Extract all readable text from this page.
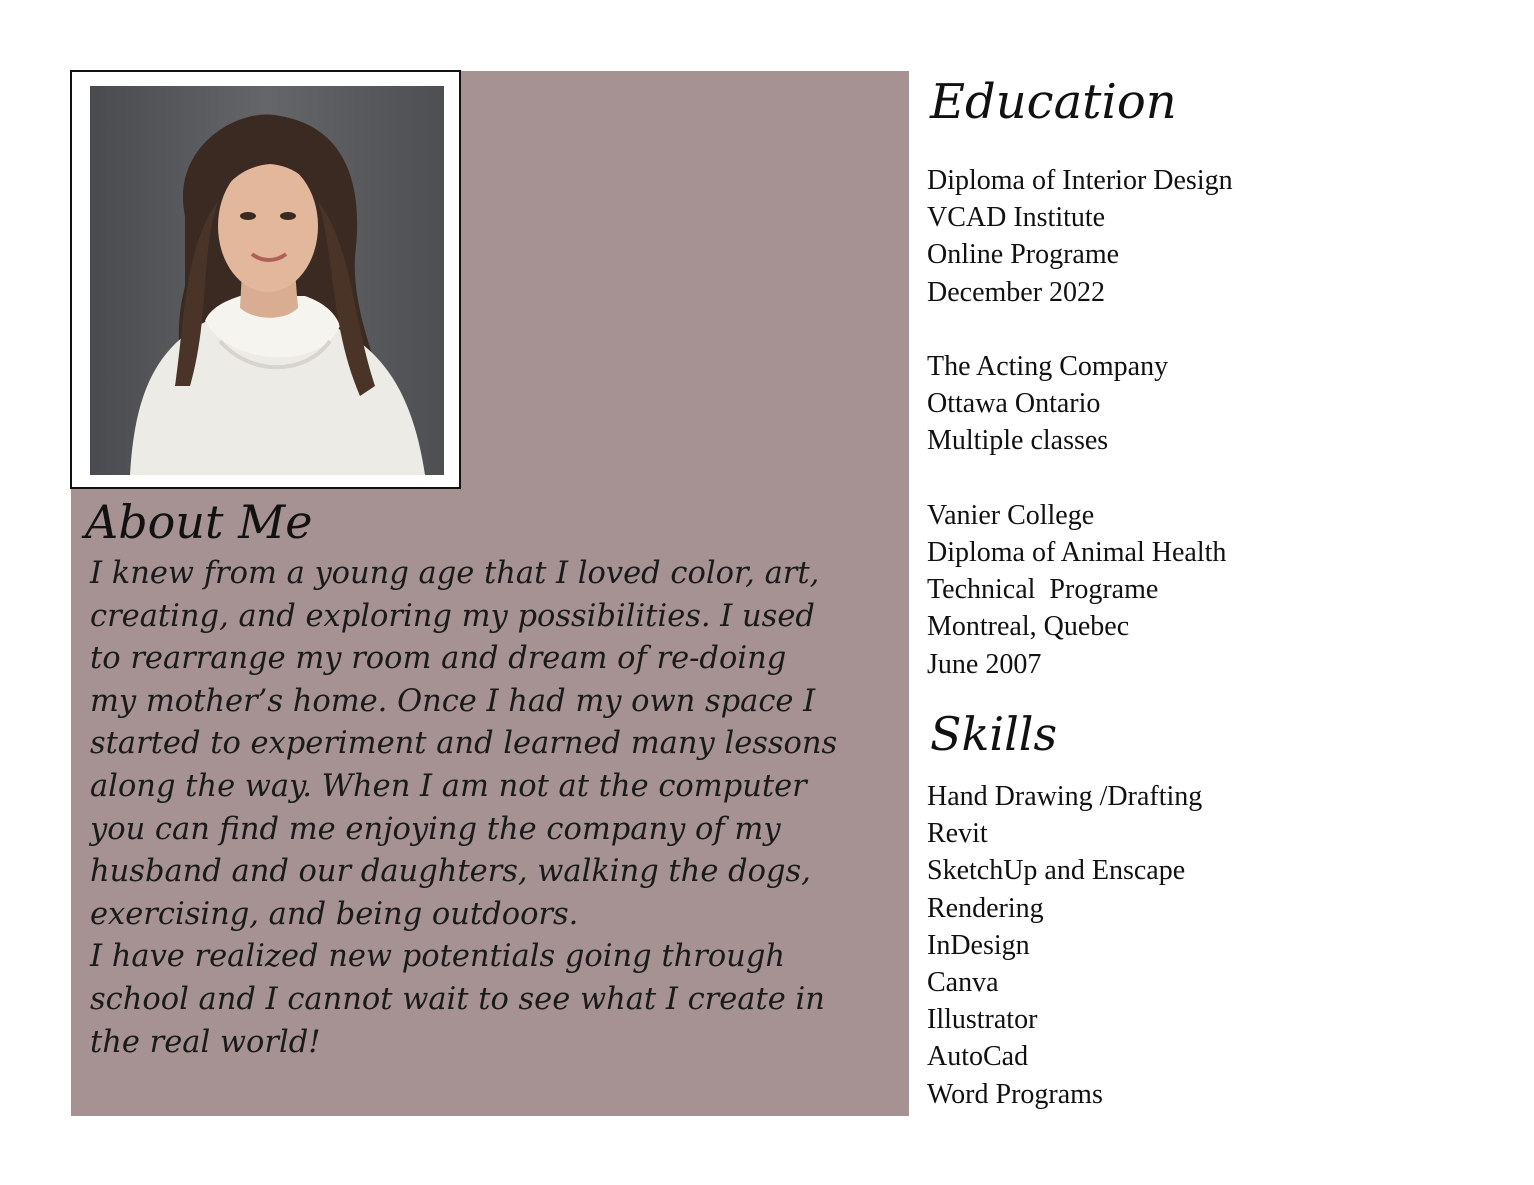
About Me
I knew from a young age that I loved color, art,
creating, and exploring my possibilities. I used
to rearrange my room and dream of re-doing
my mother’s home. Once I had my own space I
started to experiment and learned many lessons
along the way. When I am not at the computer
you can find me enjoying the company of my
husband and our daughters, walking the dogs,
exercising, and being outdoors.
I have realized new potentials going through
school and I cannot wait to see what I create in
the real world!
Education
Diploma of Interior Design
VCAD Institute
Online Programe
December 2022
The Acting Company
Ottawa Ontario
Multiple classes
Vanier College
Diploma of Animal Health
Technical  Programe
Montreal, Quebec
June 2007
Skills
Hand Drawing /Drafting
Revit
SketchUp and Enscape
Rendering
InDesign
Canva
Illustrator
AutoCad
Word Programs
